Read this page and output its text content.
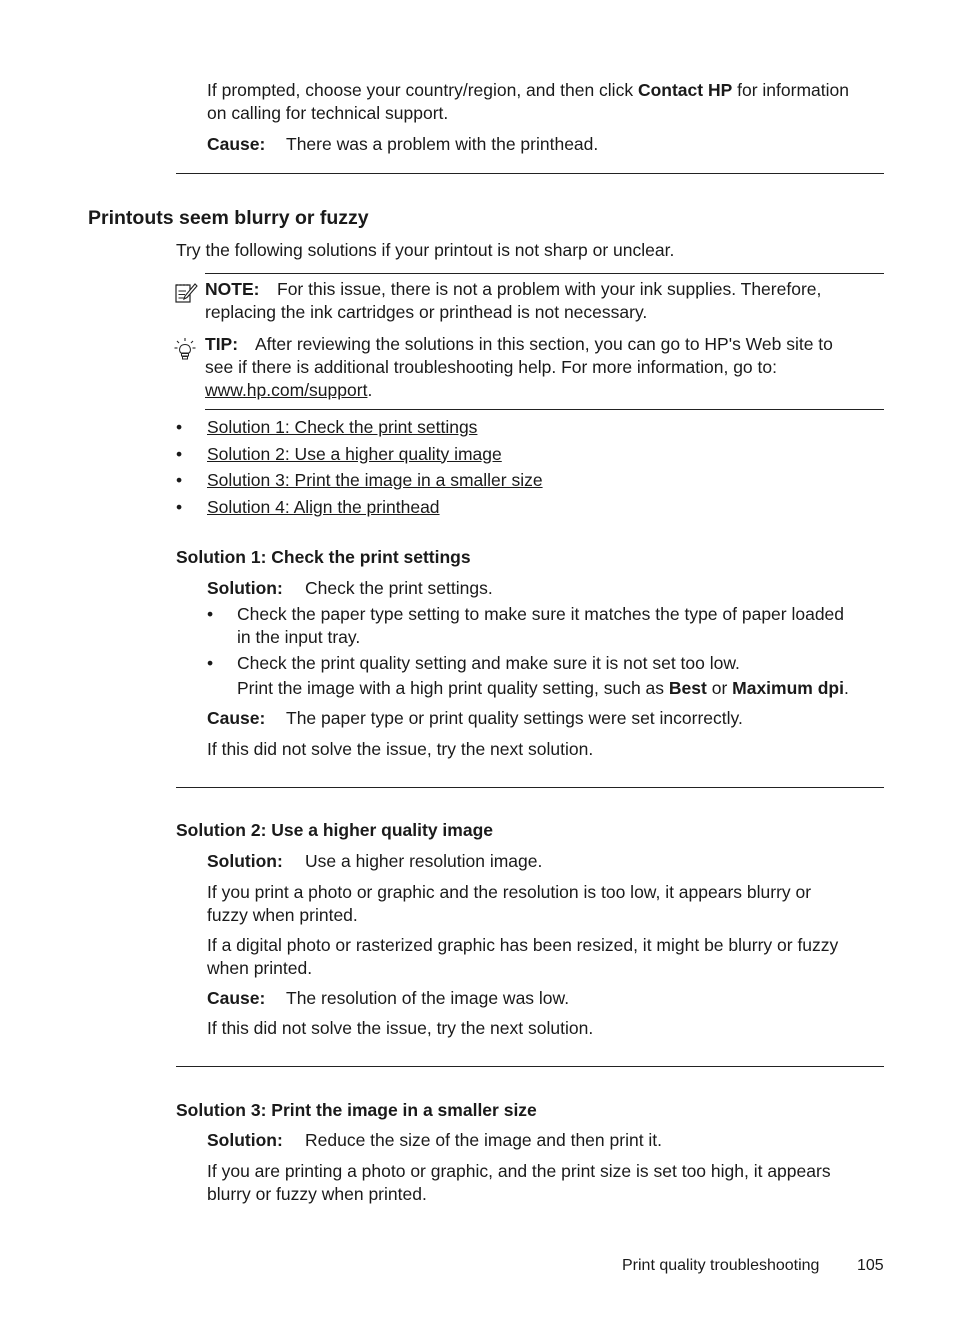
If prompted, choose your country/region, and then click Contact HP for information
on calling for technical support.
Cause: There was a problem with the printhead.
Printouts seem blurry or fuzzy
Try the following solutions if your printout is not sharp or unclear.
NOTE: For this issue, there is not a problem with your ink supplies. Therefore,
replacing the ink cartridges or printhead is not necessary.
TIP: After reviewing the solutions in this section, you can go to HP's Web site to
see if there is additional troubleshooting help. For more information, go to:
www.hp.com/support.
• Solution 1: Check the print settings
• Solution 2: Use a higher quality image
• Solution 3: Print the image in a smaller size
• Solution 4: Align the printhead
Solution 1: Check the print settings
Solution: Check the print settings.
• Check the paper type setting to make sure it matches the type of paper loaded
in the input tray.
• Check the print quality setting and make sure it is not set too low.
Print the image with a high print quality setting, such as Best or Maximum dpi.
Cause: The paper type or print quality settings were set incorrectly.
If this did not solve the issue, try the next solution.
Solution 2: Use a higher quality image
Solution: Use a higher resolution image.
If you print a photo or graphic and the resolution is too low, it appears blurry or
fuzzy when printed.
If a digital photo or rasterized graphic has been resized, it might be blurry or fuzzy
when printed.
Cause: The resolution of the image was low.
If this did not solve the issue, try the next solution.
Solution 3: Print the image in a smaller size
Solution: Reduce the size of the image and then print it.
If you are printing a photo or graphic, and the print size is set too high, it appears
blurry or fuzzy when printed.
Print quality troubleshooting 105
